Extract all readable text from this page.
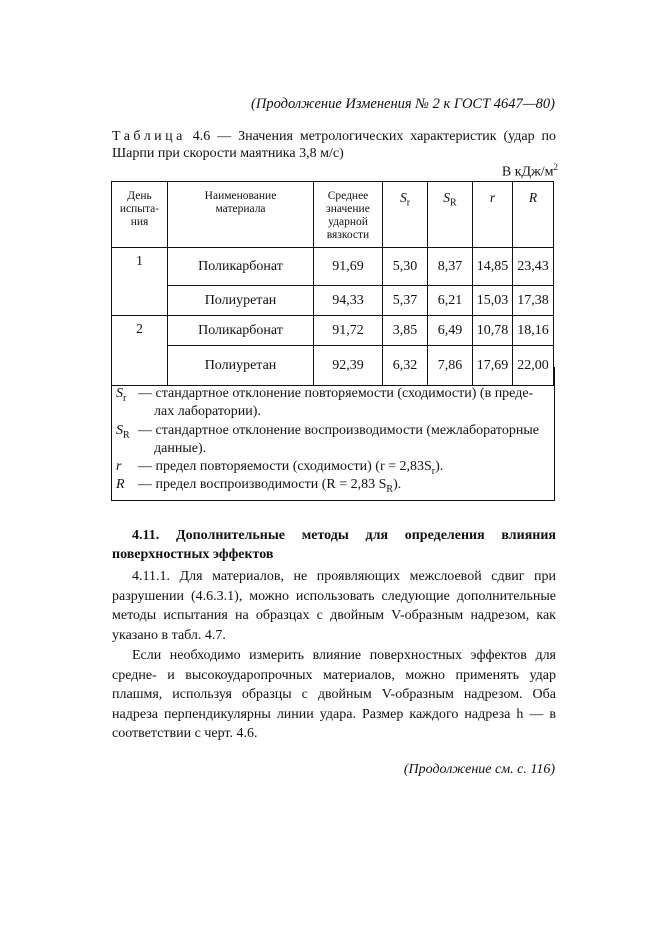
(Продолжение Изменения № 2 к ГОСТ 4647—80)
Таблица 4.6 — Значения метрологических характеристик (удар по Шарпи при скорости маятника 3,8 м/с)
В кДж/$м^2$
День испыта-ния	Наименование материала	Среднее значение ударной вязкости	$S_r$	$S_R$	r	R
1	Поликарбонат	91,69	5,30	8,37	14,85	23,43
	Полиуретан	94,33	5,37	6,21	15,03	17,38
2	Поликарбонат	91,72	3,85	6,49	10,78	18,16
	Полиуретан	92,39	6,32	7,86	17,69	22,00
$S_r$ — стандартное отклонение повторяемости (сходимости) (в преде-
лах лаборатории).
$S_R$ — стандартное отклонение воспроизводимости (межлабораторные
данные).
r — предел повторяемости (сходимости) $(r = 2,83S_r)$.
R — предел воспроизводимости (R = 2,83 $S_R$).
4.11. Дополнительные методы для определения влияния поверхностных эффектов
4.11.1. Для материалов, не проявляющих межслоевой сдвиг при разрушении (4.6.3.1), можно использовать следующие дополнительные методы испытания на образцах с двойным V-образным надрезом, как указано в табл. 4.7.
Если необходимо измерить влияние поверхностных эффектов для средне- и высокоударопрочных материалов, можно применять удар плашмя, используя образцы с двойным V-образным надрезом. Оба надреза перпендикулярны линии удара. Размер каждого надреза h — в соответствии с черт. 4.6.
(Продолжение см. с. 116)
